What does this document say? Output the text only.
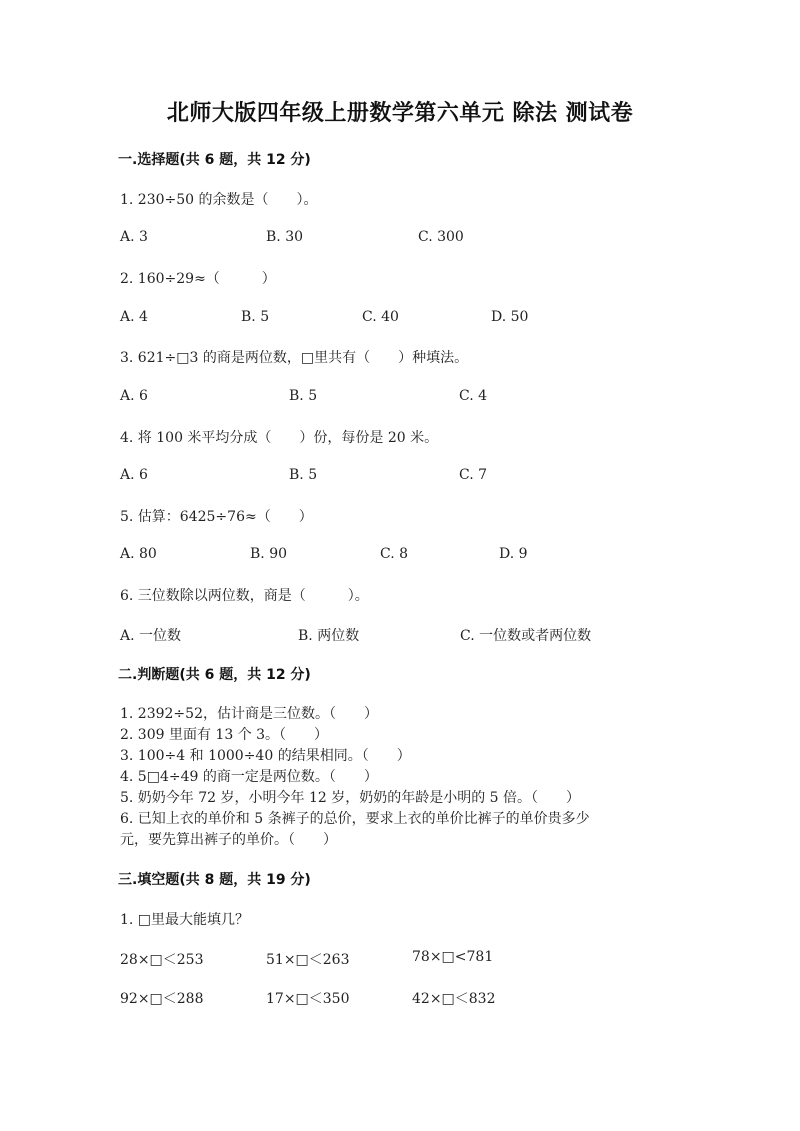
北师大版四年级上册数学第六单元 除法 测试卷
一.选择题(共 6 题，共 12 分)
1. 230÷50 的余数是（　　）。
A. 3	B. 30	C. 300
2. 160÷29≈（　　　）
A. 4	B. 5	C. 40	D. 50
3. 621÷□3 的商是两位数，□里共有（　　）种填法。
A. 6	B. 5	C. 4
4. 将 100 米平均分成（　　）份，每份是 20 米。
A. 6	B. 5	C. 7
5. 估算：6425÷76≈（　　）
A. 80	B. 90	C. 8	D. 9
6. 三位数除以两位数，商是（　　　）。
A. 一位数	B. 两位数	C. 一位数或者两位数
二.判断题(共 6 题，共 12 分)
1. 2392÷52，估计商是三位数。（　　）
2. 309 里面有 13 个 3。（　　）
3. 100÷4 和 1000÷40 的结果相同。（　　）
4. 5□4÷49 的商一定是两位数。（　　）
5. 奶奶今年 72 岁，小明今年 12 岁，奶奶的年龄是小明的 5 倍。（　　）
6. 已知上衣的单价和 5 条裤子的总价，要求上衣的单价比裤子的单价贵多少
元，要先算出裤子的单价。（　　）
三.填空题(共 8 题，共 19 分)
1. □里最大能填几？
28×□＜253	51×□＜263	78×□<781
92×□＜288	17×□＜350	42×□＜832
